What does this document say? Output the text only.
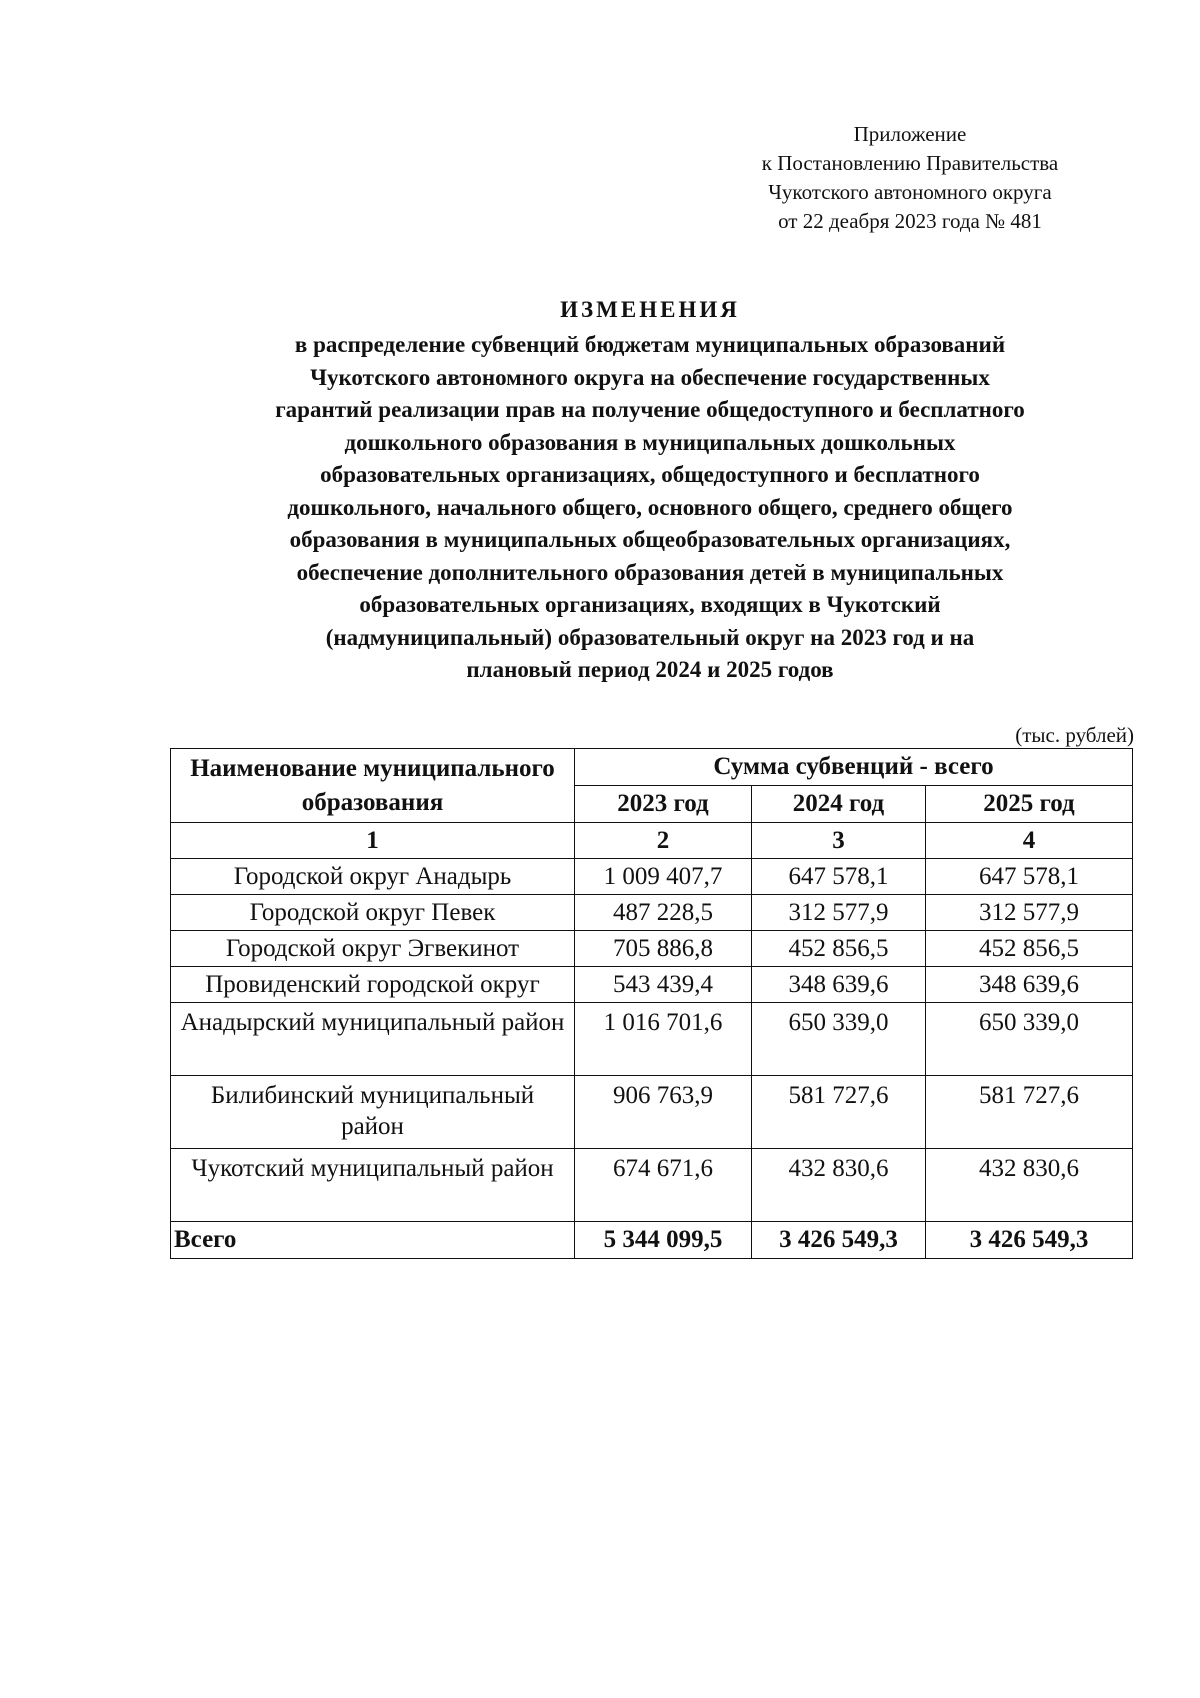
Приложение
к Постановлению Правительства
Чукотского автономного округа
от 22 деабря 2023 года № 481
ИЗМЕНЕНИЯ
в распределение субвенций бюджетам муниципальных образований
Чукотского автономного округа на обеспечение государственных
гарантий реализации прав на получение общедоступного и бесплатного
дошкольного образования в муниципальных дошкольных
образовательных организациях, общедоступного и бесплатного
дошкольного, начального общего, основного общего, среднего общего
образования в муниципальных общеобразовательных организациях,
обеспечение дополнительного образования детей в муниципальных
образовательных организациях, входящих в Чукотский
(надмуниципальный) образовательный округ на 2023 год и на
плановый период 2024 и 2025 годов
(тыс. рублей)
Наименование муниципального образования	Сумма субвенций - всего		
	2023 год	2024 год	2025 год
1	2	3	4
Городской округ Анадырь	1 009 407,7	647 578,1	647 578,1
Городской округ Певек	487 228,5	312 577,9	312 577,9
Городской округ Эгвекинот	705 886,8	452 856,5	452 856,5
Провиденский городской округ	543 439,4	348 639,6	348 639,6
Анадырский муниципальный район	1 016 701,6	650 339,0	650 339,0
Билибинский муниципальный район	906 763,9	581 727,6	581 727,6
Чукотский муниципальный район	674 671,6	432 830,6	432 830,6
Всего	5 344 099,5	3 426 549,3	3 426 549,3
